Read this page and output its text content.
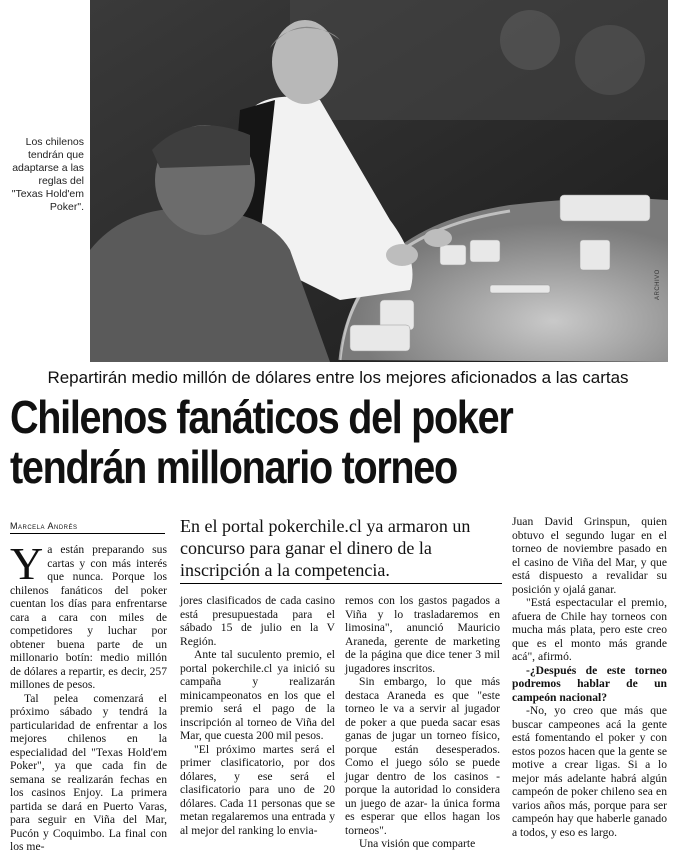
Los chilenos tendrán que adaptarse a las reglas del "Texas Hold'em Poker".
ARCHIVO
Repartirán medio millón de dólares entre los mejores aficionados a las cartas
Chilenos fanáticos del poker
tendrán millonario torneo
Marcela Andrés	En el portal pokerchile.cl ya armaron un concurso para ganar el dinero de la inscripción a la competencia.

Ya están preparando sus cartas y con más interés que nunca. Porque los chilenos fanáticos del poker cuentan los días para enfrentarse cara a cara con miles de competidores y luchar por obtener buena parte de un millonario botín: medio millón de dólares a repartir, es decir, 257 millones de pesos.

Tal pelea comenzará el próximo sábado y tendrá la particularidad de enfrentar a los mejores chilenos en la especialidad del "Texas Hold'em Poker", ya que cada fin de semana se realizarán fechas en los casinos Enjoy. La primera partida se dará en Puerto Varas, para seguir en Viña del Mar, Pucón y Coquimbo. La final con los me-

jores clasificados de cada casino está presupuestada para el sábado 15 de julio en la V Región.

Ante tal suculento premio, el portal pokerchile.cl ya inició su campaña y realizarán minicampeonatos en los que el premio será el pago de la inscripción al torneo de Viña del Mar, que cuesta 200 mil pesos.

"El próximo martes será el primer clasificatorio, por dos dólares, y ese será el clasificatorio para uno de 20 dólares. Cada 11 personas que se metan regalaremos una entrada y al mejor del ranking lo envia-

remos con los gastos pagados a Viña y lo trasladaremos en limosina", anunció Mauricio Araneda, gerente de marketing de la página que dice tener 3 mil jugadores inscritos.

Sin embargo, lo que más destaca Araneda es que "este torneo le va a servir al jugador de poker a que pueda sacar esas ganas de jugar un torneo físico, porque están desesperados. Como el juego sólo se puede jugar dentro de los casinos -porque la autoridad lo considera un juego de azar- la única forma es esperar que ellos hagan los torneos".

Una visión que comparte

Juan David Grinspun, quien obtuvo el segundo lugar en el torneo de noviembre pasado en el casino de Viña del Mar, y que está dispuesto a revalidar su posición y ojalá ganar.

"Está espectacular el premio, afuera de Chile hay torneos con mucha más plata, pero este creo que es el monto más grande acá", afirmó.

-¿Después de este torneo podremos hablar de un campeón nacional?

-No, yo creo que más que buscar campeones acá la gente está fomentando el poker y con estos pozos hacen que la gente se motive a crear ligas. Si a lo mejor más adelante habrá algún campeón de poker chileno sea en varios años más, porque para ser campeón hay que haberle ganado a todos, y eso es largo.
